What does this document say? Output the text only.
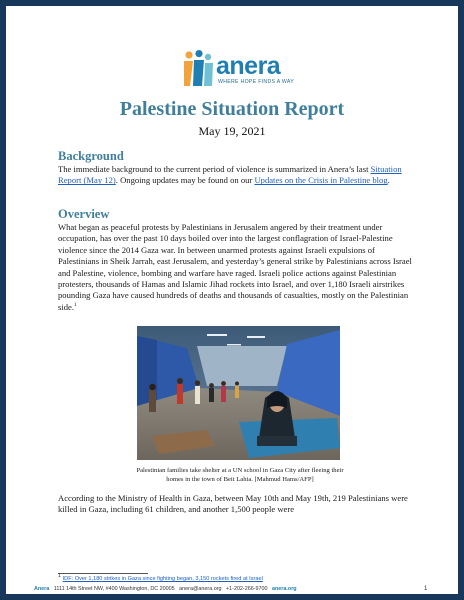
anera
WHERE HOPE FINDS A WAY
Palestine Situation Report
May 19, 2021
Background
The immediate background to the current period of violence is summarized in Anera’s last Situation Report (May 12). Ongoing updates may be found on our Updates on the Crisis in Palestine blog.
Overview
What began as peaceful protests by Palestinians in Jerusalem angered by their treatment under occupation, has over the past 10 days boiled over into the largest conflagration of Israel-Palestine violence since the 2014 Gaza war. In between unarmed protests against Israeli expulsions of Palestinians in Sheik Jarrah, east Jerusalem, and yesterday’s general strike by Palestinians across Israel and Palestine, violence, bombing and warfare have raged. Israeli police actions against Palestinian protesters, thousands of Hamas and Islamic Jihad rockets into Israel, and over 1,180 Israeli airstrikes pounding Gaza have caused hundreds of deaths and thousands of casualties, mostly on the Palestinian side.$^1$
Palestinian families take shelter at a UN school in Gaza City after fleeing their
homes in the town of Beit Lahia. [Mahmud Hams/AFP]
According to the Ministry of Health in Gaza, between May 10th and May 19th, 219 Palestinians were killed in Gaza, including 61 children, and another 1,500 people were
1 IDF: Over 1,180 strikes in Gaza since fighting began, 3,150 rockets fired at Israel
Anera 1111 14th Street NW, #400 Washington, DC 20005 anera@anera.org +1-202-266-9700 anera.org	1
